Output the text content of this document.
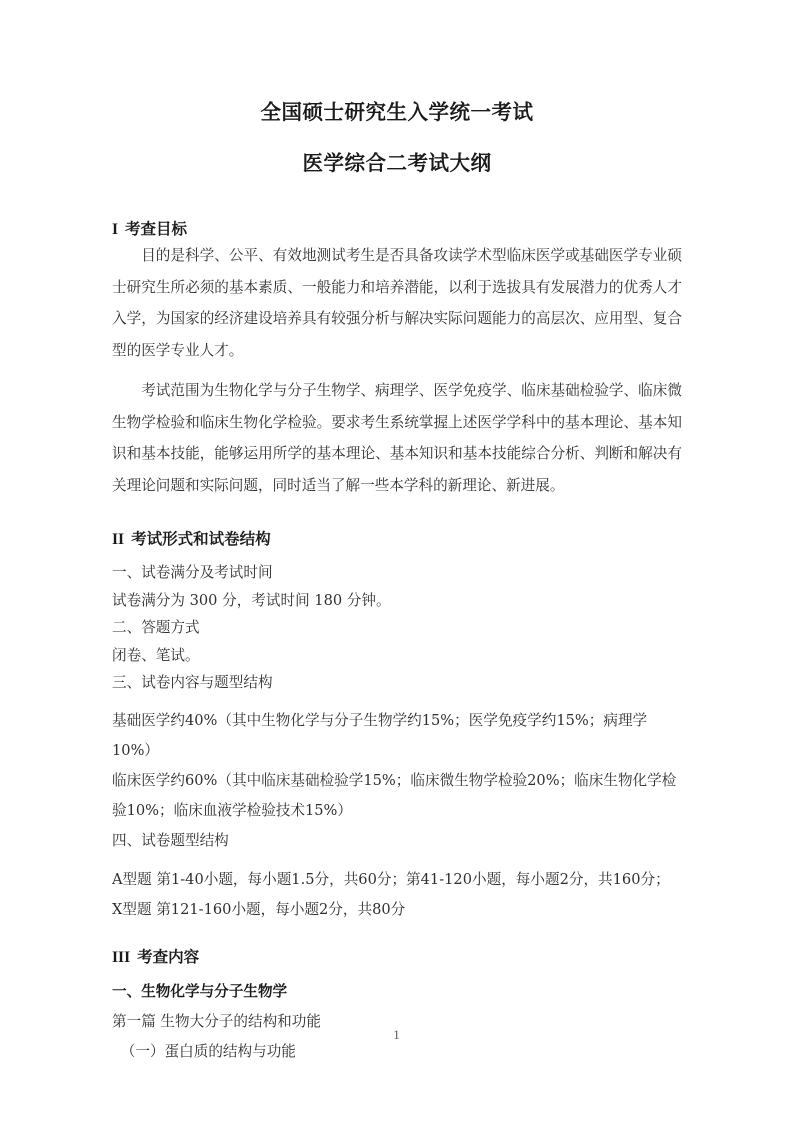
全国硕士研究生入学统一考试
医学综合二考试大纲
I 考查目标

目的是科学、公平、有效地测试考生是否具备攻读学术型临床医学或基础医学专业硕士研究生所必须的基本素质、一般能力和培养潜能，以利于选拔具有发展潜力的优秀人才入学，为国家的经济建设培养具有较强分析与解决实际问题能力的高层次、应用型、复合型的医学专业人才。

考试范围为生物化学与分子生物学、病理学、医学免疫学、临床基础检验学、临床微生物学检验和临床生物化学检验。要求考生系统掌握上述医学学科中的基本理论、基本知识和基本技能，能够运用所学的基本理论、基本知识和基本技能综合分析、判断和解决有关理论问题和实际问题，同时适当了解一些本学科的新理论、新进展。

II 考试形式和试卷结构
一、试卷满分及考试时间
试卷满分为 300 分，考试时间 180 分钟。
二、答题方式
闭卷、笔试。
三、试卷内容与题型结构
基础医学约40%（其中生物化学与分子生物学约15%；医学免疫学约15%；病理学10%）
临床医学约60%（其中临床基础检验学15%；临床微生物学检验20%；临床生物化学检验10%；临床血液学检验技术15%）
四、试卷题型结构
A型题 第1-40小题，每小题1.5分，共60分；第41-120小题，每小题2分，共160分；
X型题 第121-160小题，每小题2分，共80分
III 考查内容
一、生物化学与分子生物学
第一篇 生物大分子的结构和功能
（一）蛋白质的结构与功能
1
